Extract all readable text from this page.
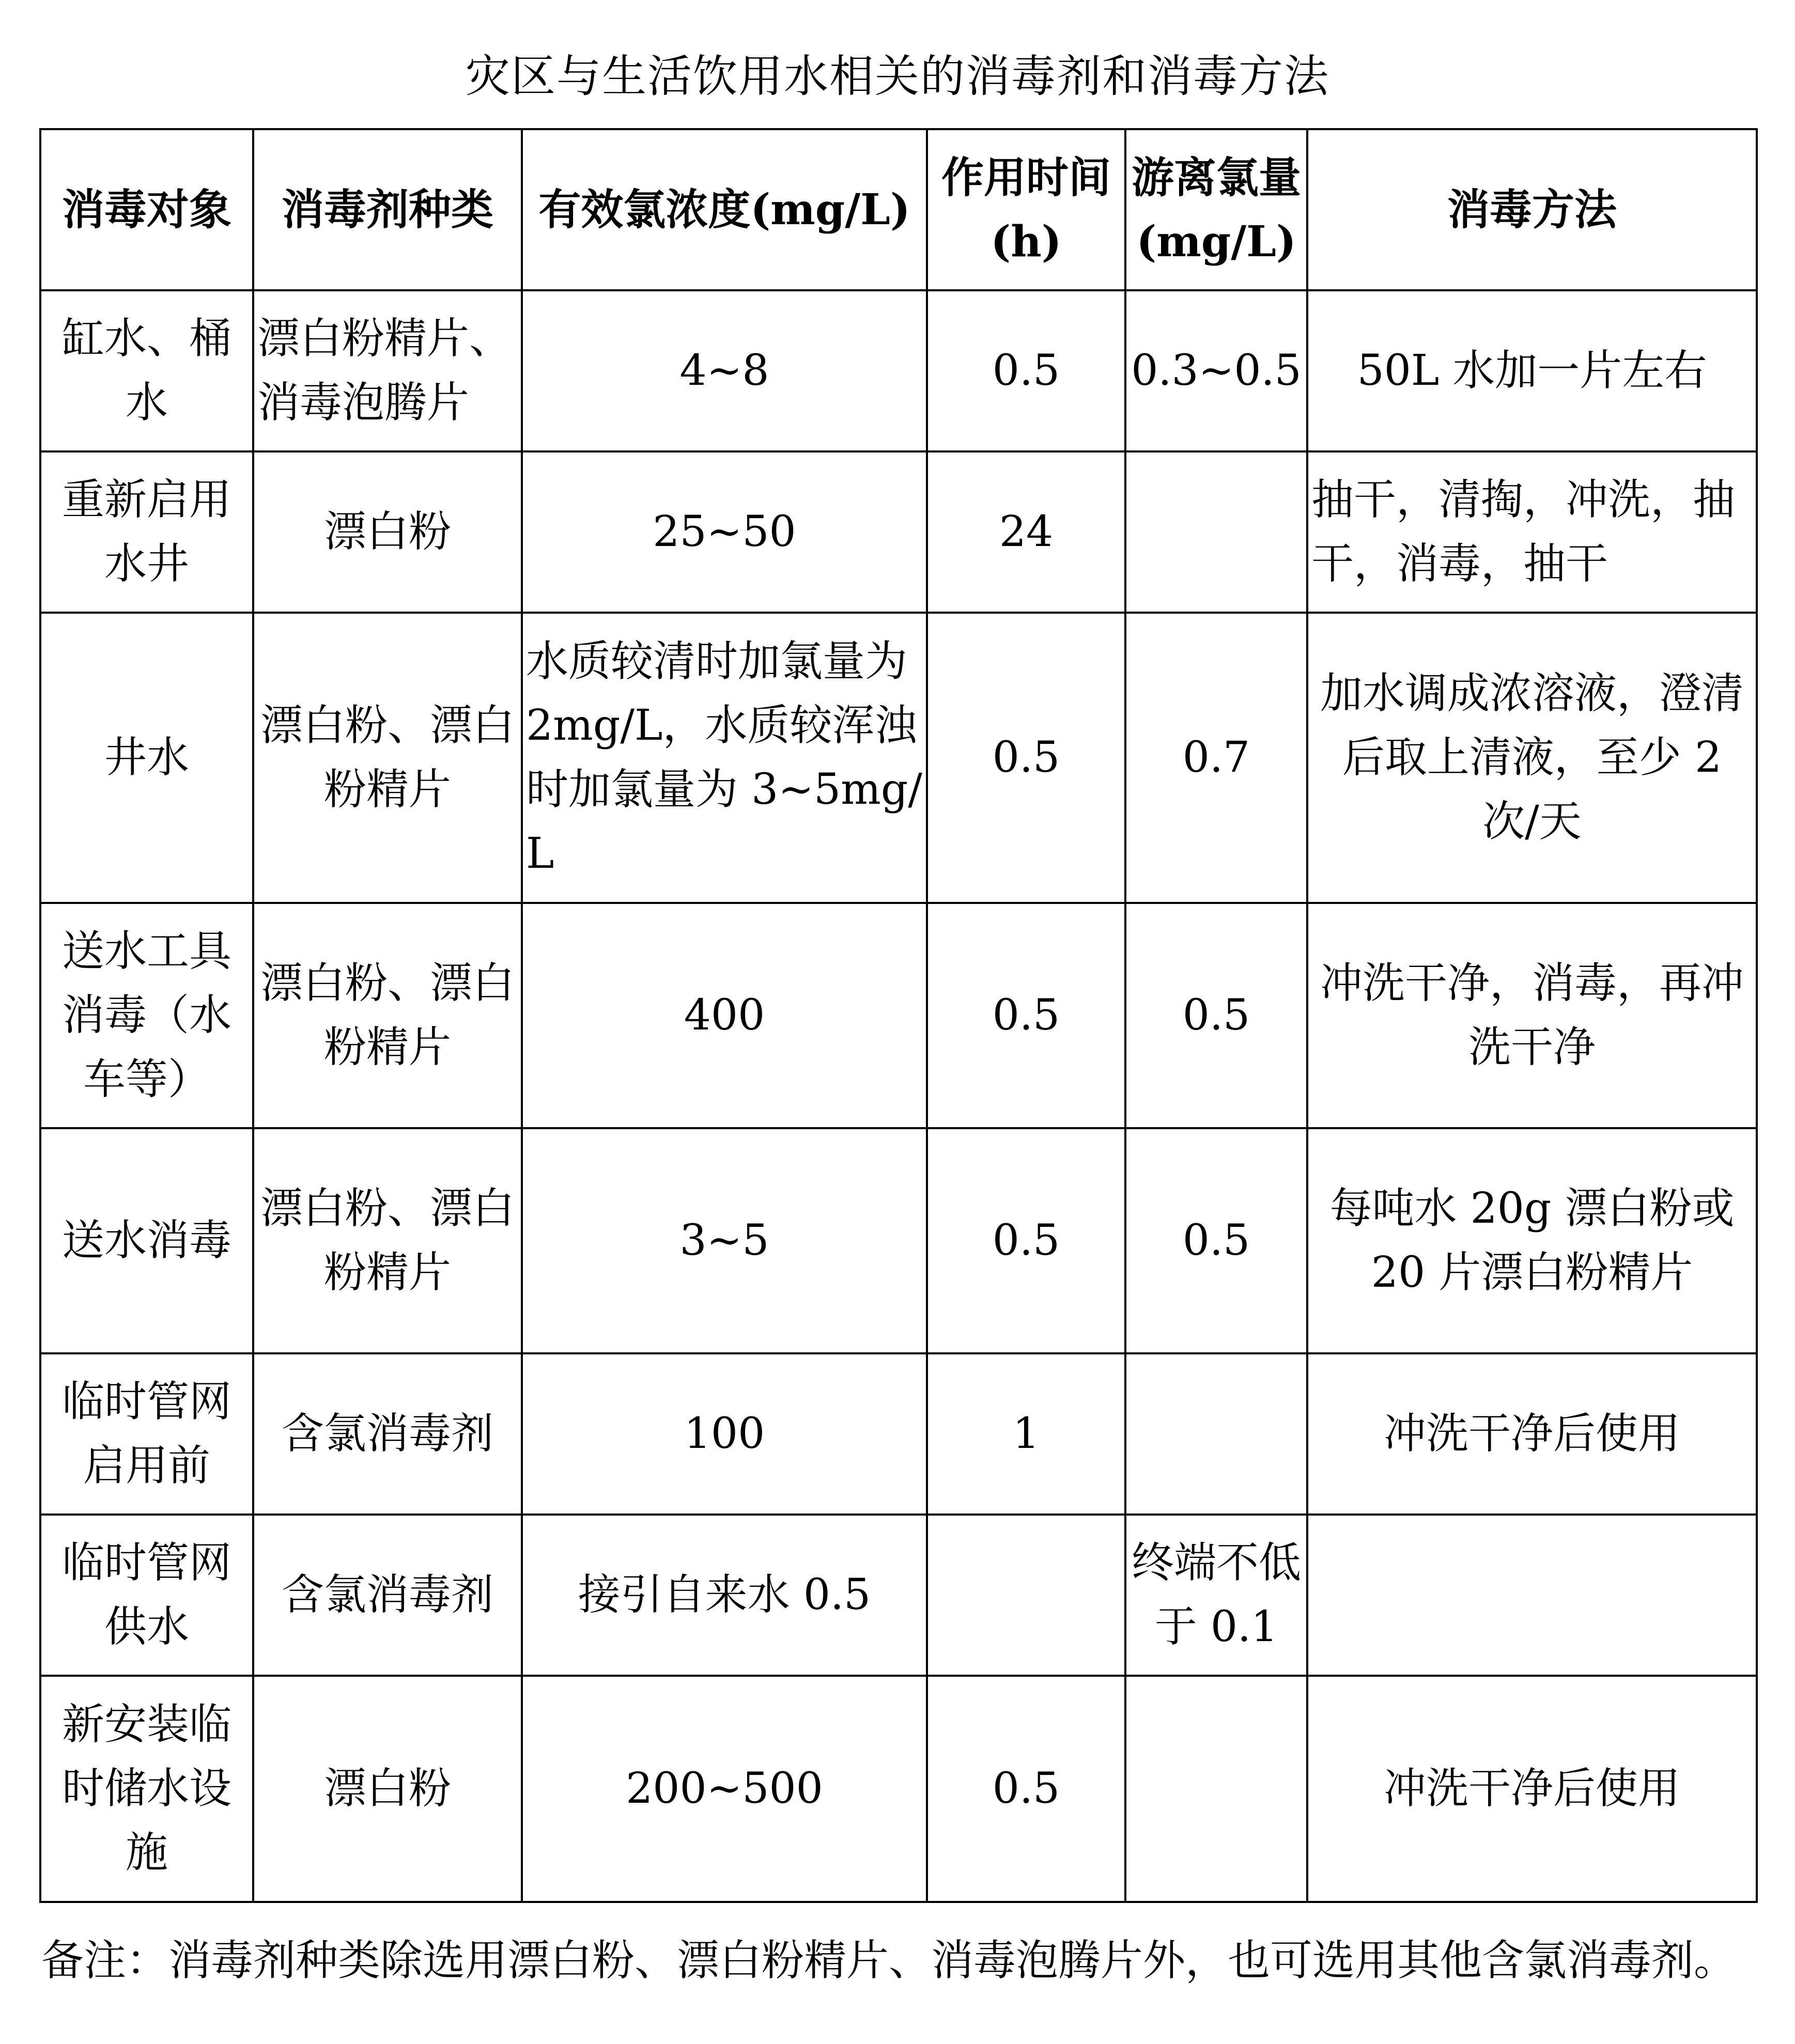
灾区与生活饮用水相关的消毒剂和消毒方法
消毒对象	消毒剂种类	有效氯浓度(mg/L)	作用时间(h)	游离氯量(mg/L)	消毒方法
缸水、桶水	漂白粉精片、消毒泡腾片	4~8	0.5	0.3~0.5	50L 水加一片左右
重新启用水井	漂白粉	25~50	24		抽干，清掏，冲洗，抽干，消毒，抽干
井水	漂白粉、漂白粉精片	水质较清时加氯量为 2mg/L，水质较浑浊时加氯量为 3~5mg/L	0.5	0.7	加水调成浓溶液，澄清后取上清液，至少 2 次/天
送水工具消毒（水车等）	漂白粉、漂白粉精片	400	0.5	0.5	冲洗干净，消毒，再冲洗干净
送水消毒	漂白粉、漂白粉精片	3~5	0.5	0.5	每吨水 20g 漂白粉或 20 片漂白粉精片
临时管网启用前	含氯消毒剂	100	1		冲洗干净后使用
临时管网供水	含氯消毒剂	接引自来水 0.5		终端不低于 0.1	
新安装临时储水设施	漂白粉	200~500	0.5		冲洗干净后使用
备注：消毒剂种类除选用漂白粉、漂白粉精片、消毒泡腾片外，也可选用其他含氯消毒剂。
